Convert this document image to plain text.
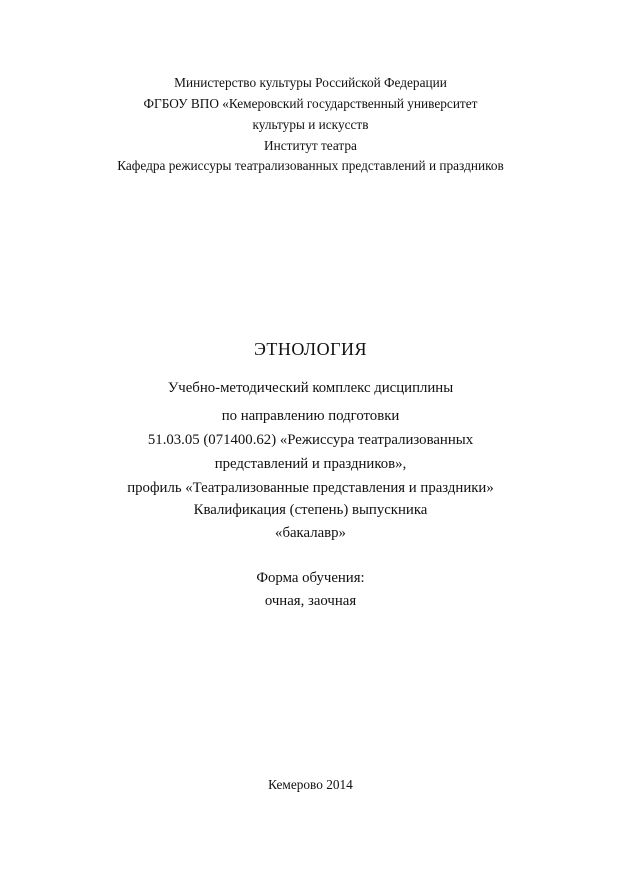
Министерство культуры Российской Федерации
ФГБОУ ВПО «Кемеровский государственный университет
культуры и искусств
Институт театра
Кафедра режиссуры театрализованных представлений и праздников
ЭТНОЛОГИЯ
Учебно-методический комплекс дисциплины
по направлению подготовки
51.03.05 (071400.62) «Режиссура театрализованных
представлений и праздников»,
профиль «Театрализованные представления и праздники»
Квалификация (степень) выпускника
«бакалавр»
Форма обучения:
очная, заочная
Кемерово 2014
